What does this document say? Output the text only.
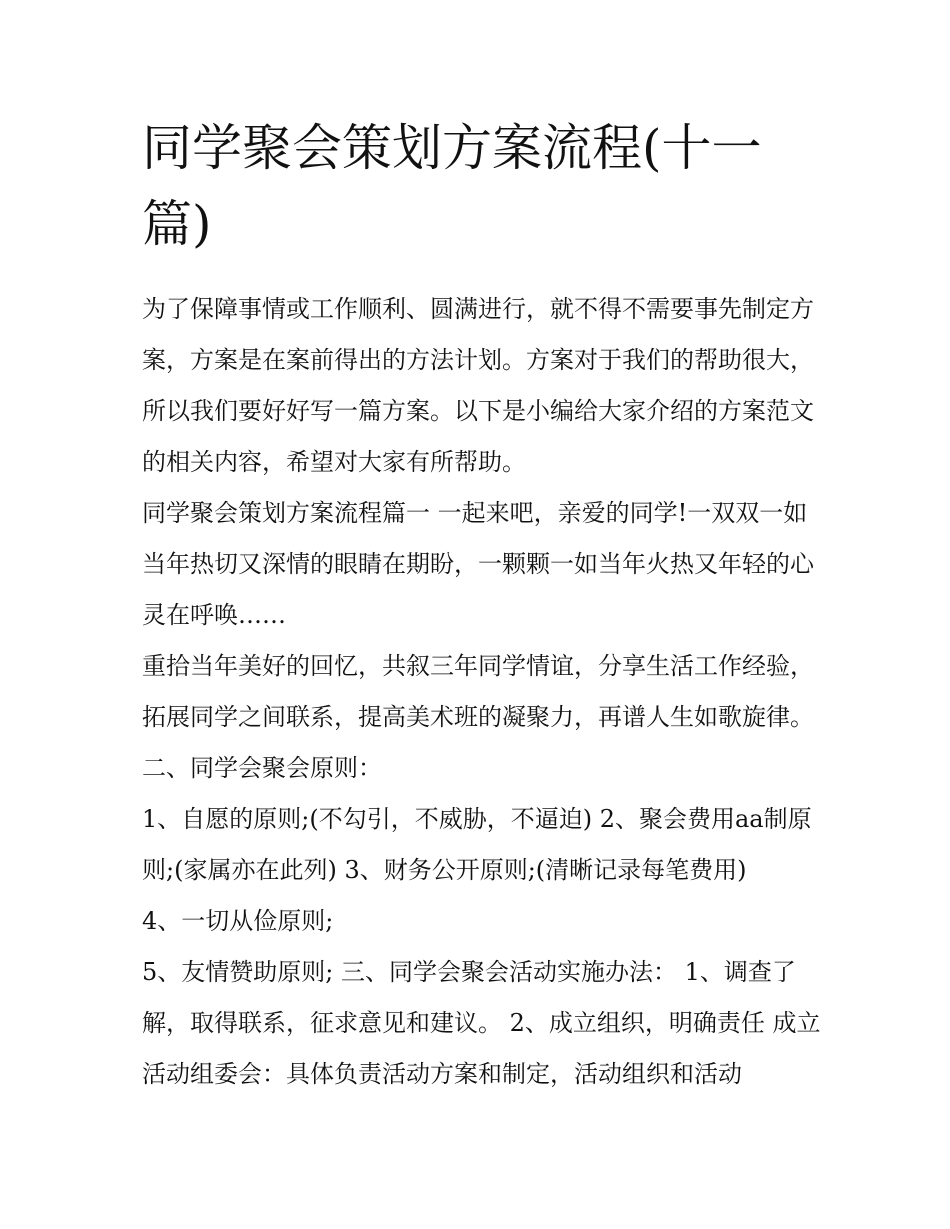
同学聚会策划方案流程(十一篇)

为了保障事情或工作顺利、圆满进行，就不得不需要事先制定方案，方案是在案前得出的方法计划。方案对于我们的帮助很大，所以我们要好好写一篇方案。以下是小编给大家介绍的方案范文的相关内容，希望对大家有所帮助。

同学聚会策划方案流程篇一 一起来吧，亲爱的同学!一双双一如当年热切又深情的眼睛在期盼，一颗颗一如当年火热又年轻的心灵在呼唤……

重拾当年美好的回忆，共叙三年同学情谊，分享生活工作经验，拓展同学之间联系，提高美术班的凝聚力，再谱人生如歌旋律。 二、同学会聚会原则：

1、自愿的原则;(不勾引，不威胁，不逼迫) 2、聚会费用aa制原则;(家属亦在此列) 3、财务公开原则;(清晰记录每笔费用)

4、一切从俭原则;

5、友情赞助原则; 三、同学会聚会活动实施办法： 1、调查了解，取得联系，征求意见和建议。 2、成立组织，明确责任 成立活动组委会：具体负责活动方案和制定，活动组织和活动
